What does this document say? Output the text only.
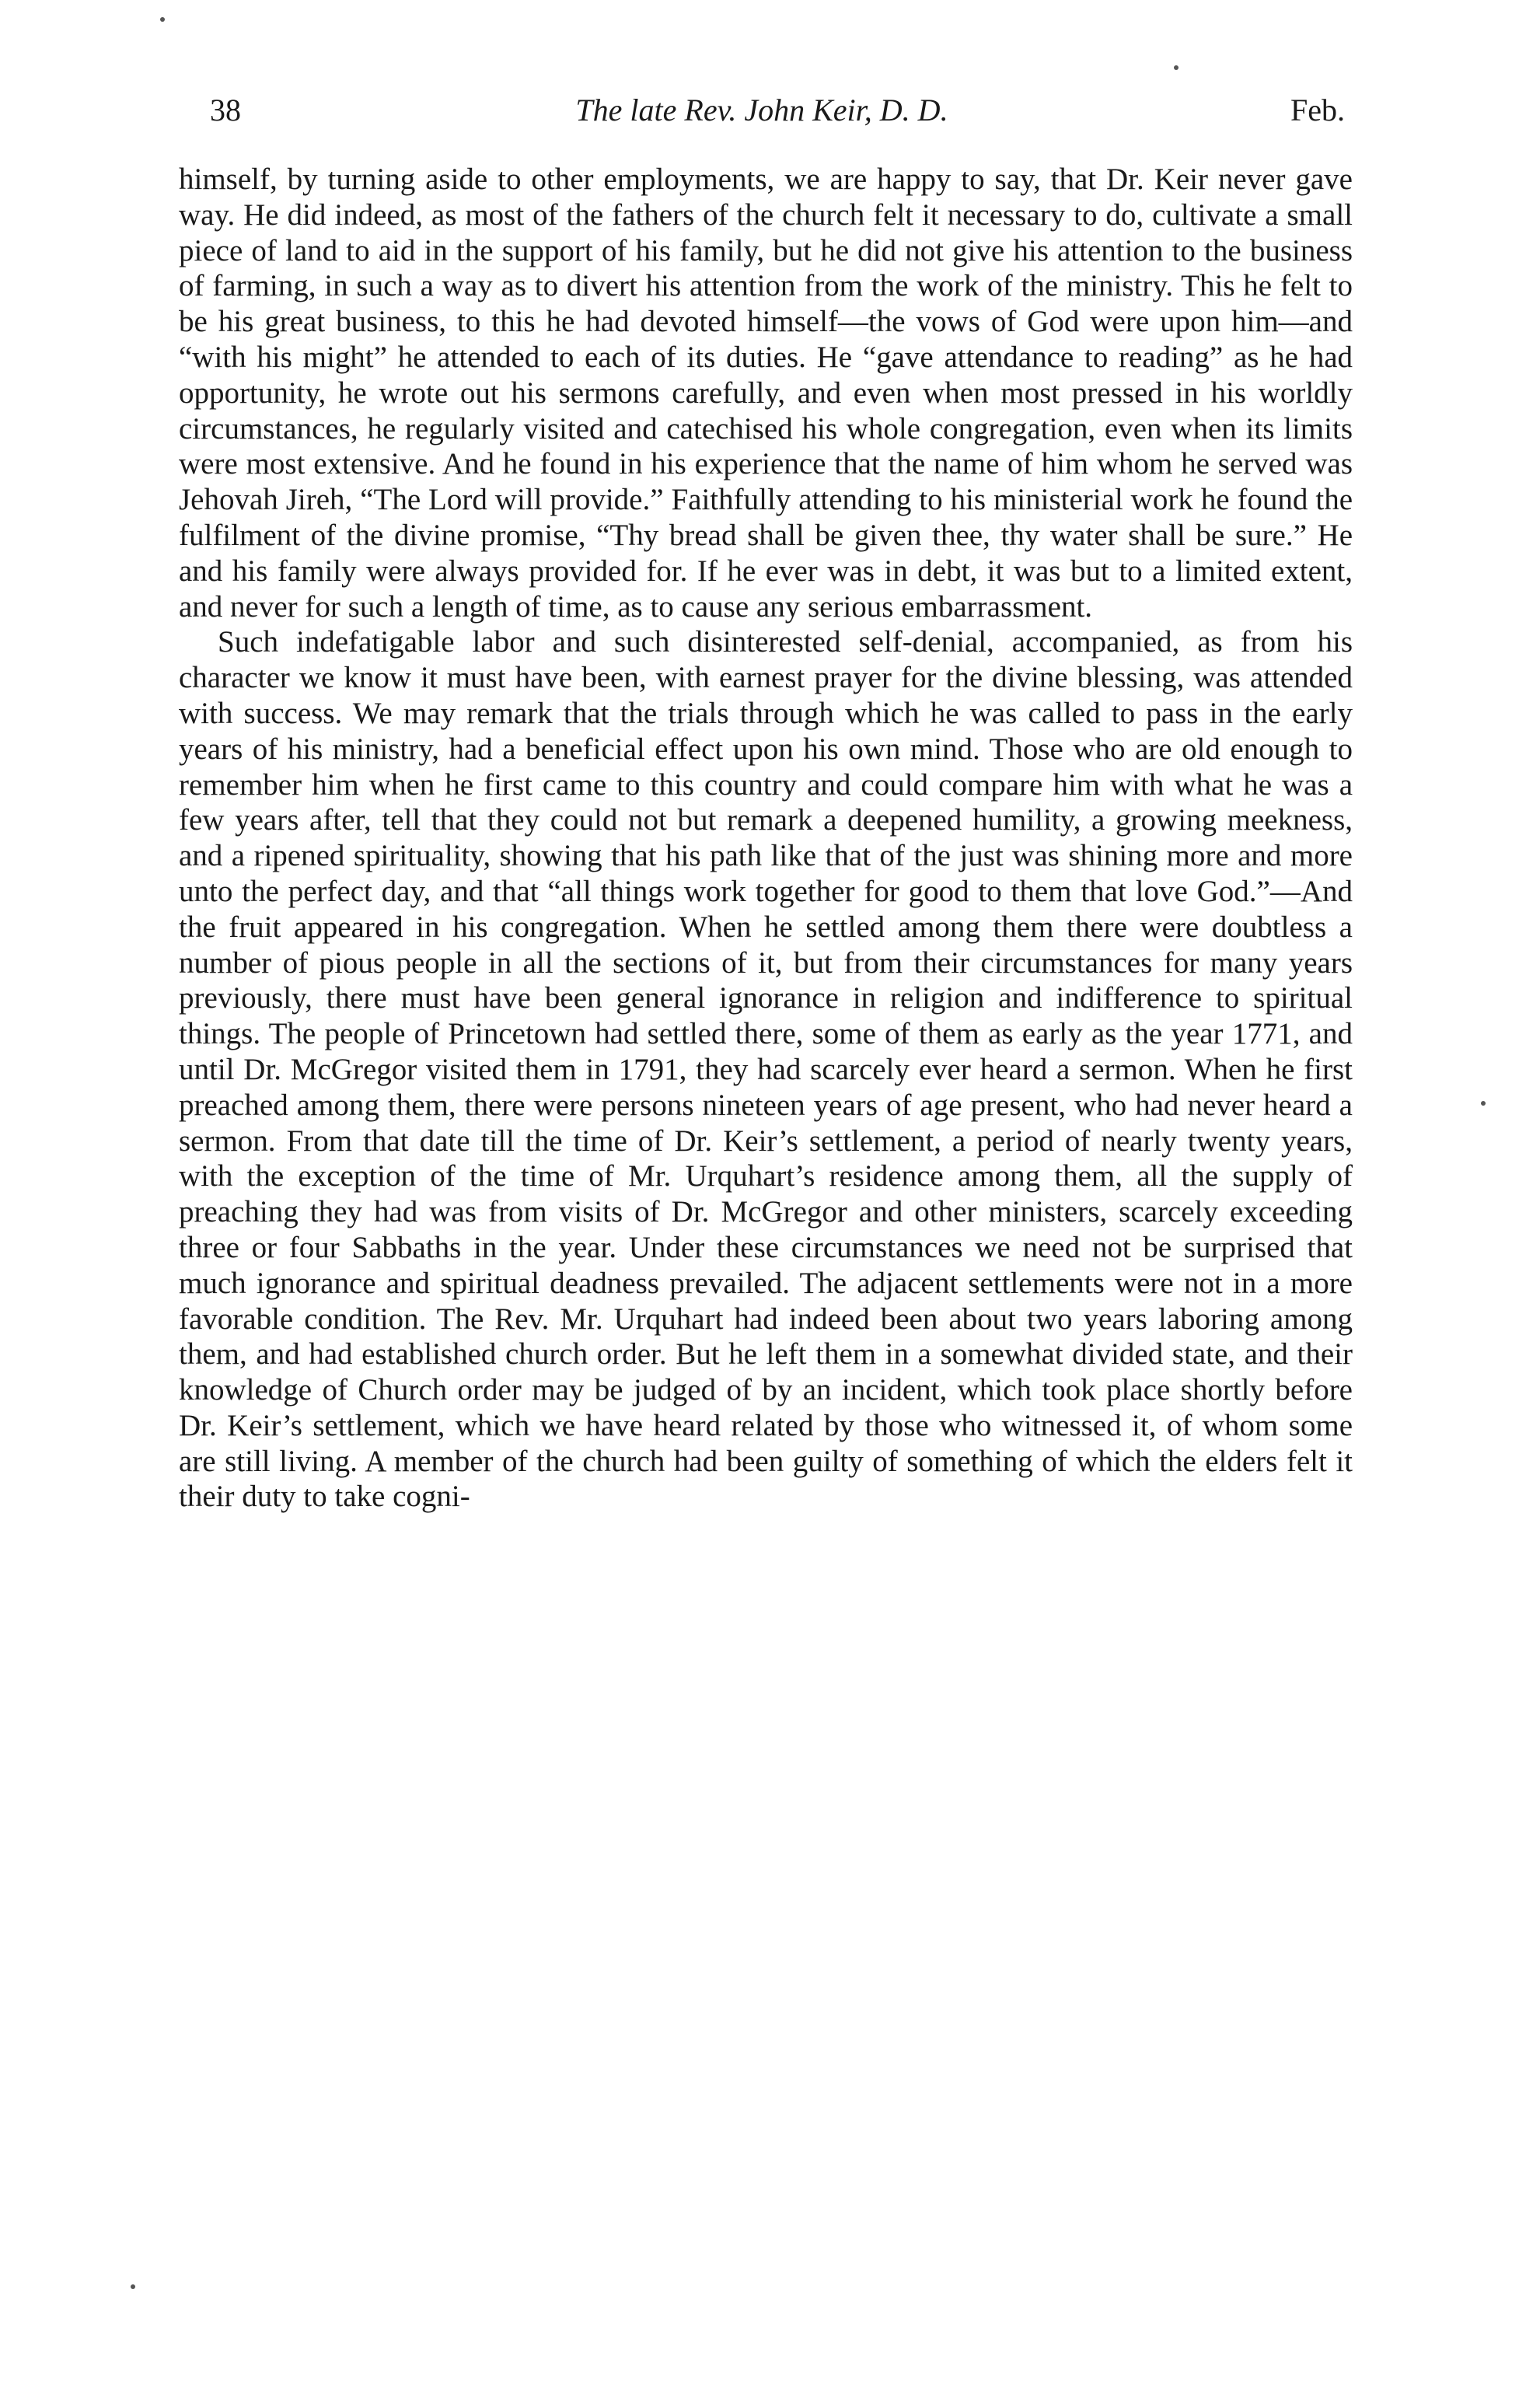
38	The late Rev. John Keir, D. D.	Feb.

himself, by turning aside to other employments, we are happy to say, that Dr. Keir never gave way. He did indeed, as most of the fathers of the church felt it necessary to do, cultivate a small piece of land to aid in the support of his family, but he did not give his attention to the business of farming, in such a way as to divert his attention from the work of the ministry. This he felt to be his great business, to this he had devoted himself—the vows of God were upon him—and “with his might” he attended to each of its duties. He “gave attendance to reading” as he had opportunity, he wrote out his sermons carefully, and even when most pressed in his worldly circumstances, he regularly visited and catechised his whole congregation, even when its limits were most extensive. And he found in his experience that the name of him whom he served was Jehovah Jireh, “The Lord will provide.” Faithfully attending to his ministerial work he found the fulfilment of the divine promise, “Thy bread shall be given thee, thy water shall be sure.” He and his family were always provided for. If he ever was in debt, it was but to a limited extent, and never for such a length of time, as to cause any serious embarrassment.

Such indefatigable labor and such disinterested self-denial, accompanied, as from his character we know it must have been, with earnest prayer for the divine blessing, was attended with success. We may remark that the trials through which he was called to pass in the early years of his ministry, had a beneficial effect upon his own mind. Those who are old enough to remember him when he first came to this country and could compare him with what he was a few years after, tell that they could not but remark a deepened humility, a growing meekness, and a ripened spirituality, showing that his path like that of the just was shining more and more unto the perfect day, and that “all things work together for good to them that love God.”—And the fruit appeared in his congregation. When he settled among them there were doubtless a number of pious people in all the sections of it, but from their circumstances for many years previously, there must have been general ignorance in religion and indifference to spiritual things. The people of Princetown had settled there, some of them as early as the year 1771, and until Dr. McGregor visited them in 1791, they had scarcely ever heard a sermon. When he first preached among them, there were persons nineteen years of age present, who had never heard a sermon. From that date till the time of Dr. Keir’s settlement, a period of nearly twenty years, with the exception of the time of Mr. Urquhart’s residence among them, all the supply of preaching they had was from visits of Dr. McGregor and other ministers, scarcely exceeding three or four Sabbaths in the year. Under these circumstances we need not be surprised that much ignorance and spiritual deadness prevailed. The adjacent settlements were not in a more favorable condition. The Rev. Mr. Urquhart had indeed been about two years laboring among them, and had established church order. But he left them in a somewhat divided state, and their knowledge of Church order may be judged of by an incident, which took place shortly before Dr. Keir’s settlement, which we have heard related by those who witnessed it, of whom some are still living. A member of the church had been guilty of something of which the elders felt it their duty to take cogni-
